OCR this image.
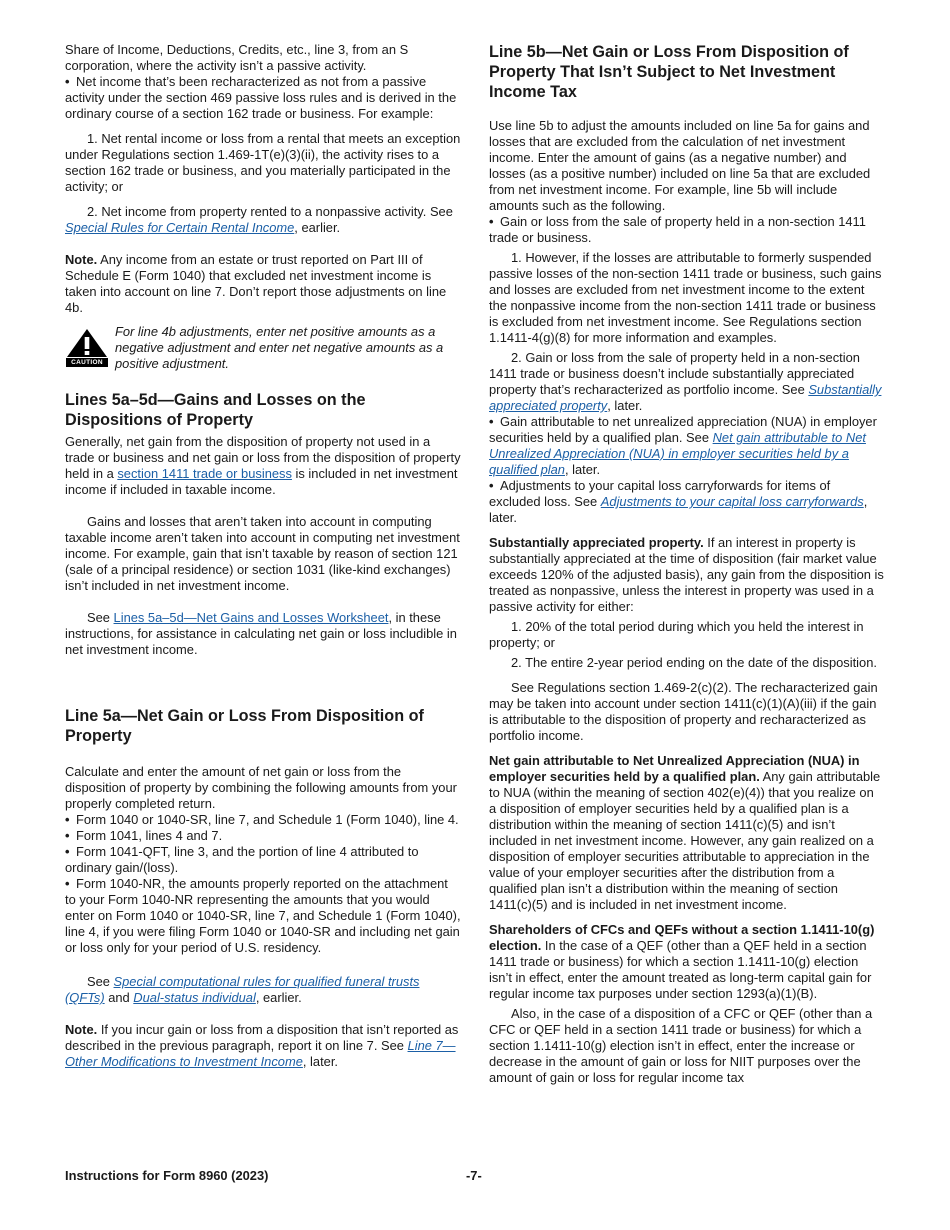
Share of Income, Deductions, Credits, etc., line 3, from an S corporation, where the activity isn’t a passive activity.

• Net income that’s been recharacterized as not from a passive activity under the section 469 passive loss rules and is derived in the ordinary course of a section 162 trade or business. For example:

1. Net rental income or loss from a rental that meets an exception under Regulations section 1.469-1T(e)(3)(ii), the activity rises to a section 162 trade or business, and you materially participated in the activity; or

2. Net income from property rented to a nonpassive activity. See Special Rules for Certain Rental Income, earlier.

Note. Any income from an estate or trust reported on Part III of Schedule E (Form 1040) that excluded net investment income is taken into account on line 7. Don’t report those adjustments on line 4b.

CAUTION
For line 4b adjustments, enter net positive amounts as a negative adjustment and enter net negative amounts as a positive adjustment.
Lines 5a–5d—Gains and Losses on the Dispositions of Property

Generally, net gain from the disposition of property not used in a trade or business and net gain or loss from the disposition of property held in a section 1411 trade or business is included in net investment income if included in taxable income.

Gains and losses that aren’t taken into account in computing taxable income aren’t taken into account in computing net investment income. For example, gain that isn’t taxable by reason of section 121 (sale of a principal residence) or section 1031 (like-kind exchanges) isn’t included in net investment income.

See Lines 5a–5d—Net Gains and Losses Worksheet, in these instructions, for assistance in calculating net gain or loss includible in net investment income.

Line 5a—Net Gain or Loss From Disposition of Property

Calculate and enter the amount of net gain or loss from the disposition of property by combining the following amounts from your properly completed return.

• Form 1040 or 1040-SR, line 7, and Schedule 1 (Form 1040), line 4.

• Form 1041, lines 4 and 7.

• Form 1041-QFT, line 3, and the portion of line 4 attributed to ordinary gain/(loss).

• Form 1040-NR, the amounts properly reported on the attachment to your Form 1040-NR representing the amounts that you would enter on Form 1040 or 1040-SR, line 7, and Schedule 1 (Form 1040), line 4, if you were filing Form 1040 or 1040-SR and including net gain or loss only for your period of U.S. residency.

See Special computational rules for qualified funeral trusts (QFTs) and Dual-status individual, earlier.

Note. If you incur gain or loss from a disposition that isn’t reported as described in the previous paragraph, report it on line 7. See Line 7—Other Modifications to Investment Income, later.

Line 5b—Net Gain or Loss From Disposition of Property That Isn’t Subject to Net Investment Income Tax

Use line 5b to adjust the amounts included on line 5a for gains and losses that are excluded from the calculation of net investment income. Enter the amount of gains (as a negative number) and losses (as a positive number) included on line 5a that are excluded from net investment income. For example, line 5b will include amounts such as the following.

• Gain or loss from the sale of property held in a non-section 1411 trade or business.

1. However, if the losses are attributable to formerly suspended passive losses of the non-section 1411 trade or business, such gains and losses are excluded from net investment income to the extent the nonpassive income from the non-section 1411 trade or business is excluded from net investment income. See Regulations section 1.1411-4(g)(8) for more information and examples.

2. Gain or loss from the sale of property held in a non-section 1411 trade or business doesn’t include substantially appreciated property that’s recharacterized as portfolio income. See Substantially appreciated property, later.

• Gain attributable to net unrealized appreciation (NUA) in employer securities held by a qualified plan. See Net gain attributable to Net Unrealized Appreciation (NUA) in employer securities held by a qualified plan, later.

• Adjustments to your capital loss carryforwards for items of excluded loss. See Adjustments to your capital loss carryforwards, later.

Substantially appreciated property. If an interest in property is substantially appreciated at the time of disposition (fair market value exceeds 120% of the adjusted basis), any gain from the disposition is treated as nonpassive, unless the interest in property was used in a passive activity for either:

1. 20% of the total period during which you held the interest in property; or

2. The entire 2-year period ending on the date of the disposition.

See Regulations section 1.469-2(c)(2). The recharacterized gain may be taken into account under section 1411(c)(1)(A)(iii) if the gain is attributable to the disposition of property and recharacterized as portfolio income.

Net gain attributable to Net Unrealized Appreciation (NUA) in employer securities held by a qualified plan. Any gain attributable to NUA (within the meaning of section 402(e)(4)) that you realize on a disposition of employer securities held by a qualified plan is a distribution within the meaning of section 1411(c)(5) and isn’t included in net investment income. However, any gain realized on a disposition of employer securities attributable to appreciation in the value of your employer securities after the distribution from a qualified plan isn’t a distribution within the meaning of section 1411(c)(5) and is included in net investment income.

Shareholders of CFCs and QEFs without a section 1.1411-10(g) election. In the case of a QEF (other than a QEF held in a section 1411 trade or business) for which a section 1.1411-10(g) election isn’t in effect, enter the amount treated as long-term capital gain for regular income tax purposes under section 1293(a)(1)(B).

Also, in the case of a disposition of a CFC or QEF (other than a CFC or QEF held in a section 1411 trade or business) for which a section 1.1411-10(g) election isn’t in effect, enter the increase or decrease in the amount of gain or loss for NIIT purposes over the amount of gain or loss for regular income tax

Instructions for Form 8960 (2023)	-7-
